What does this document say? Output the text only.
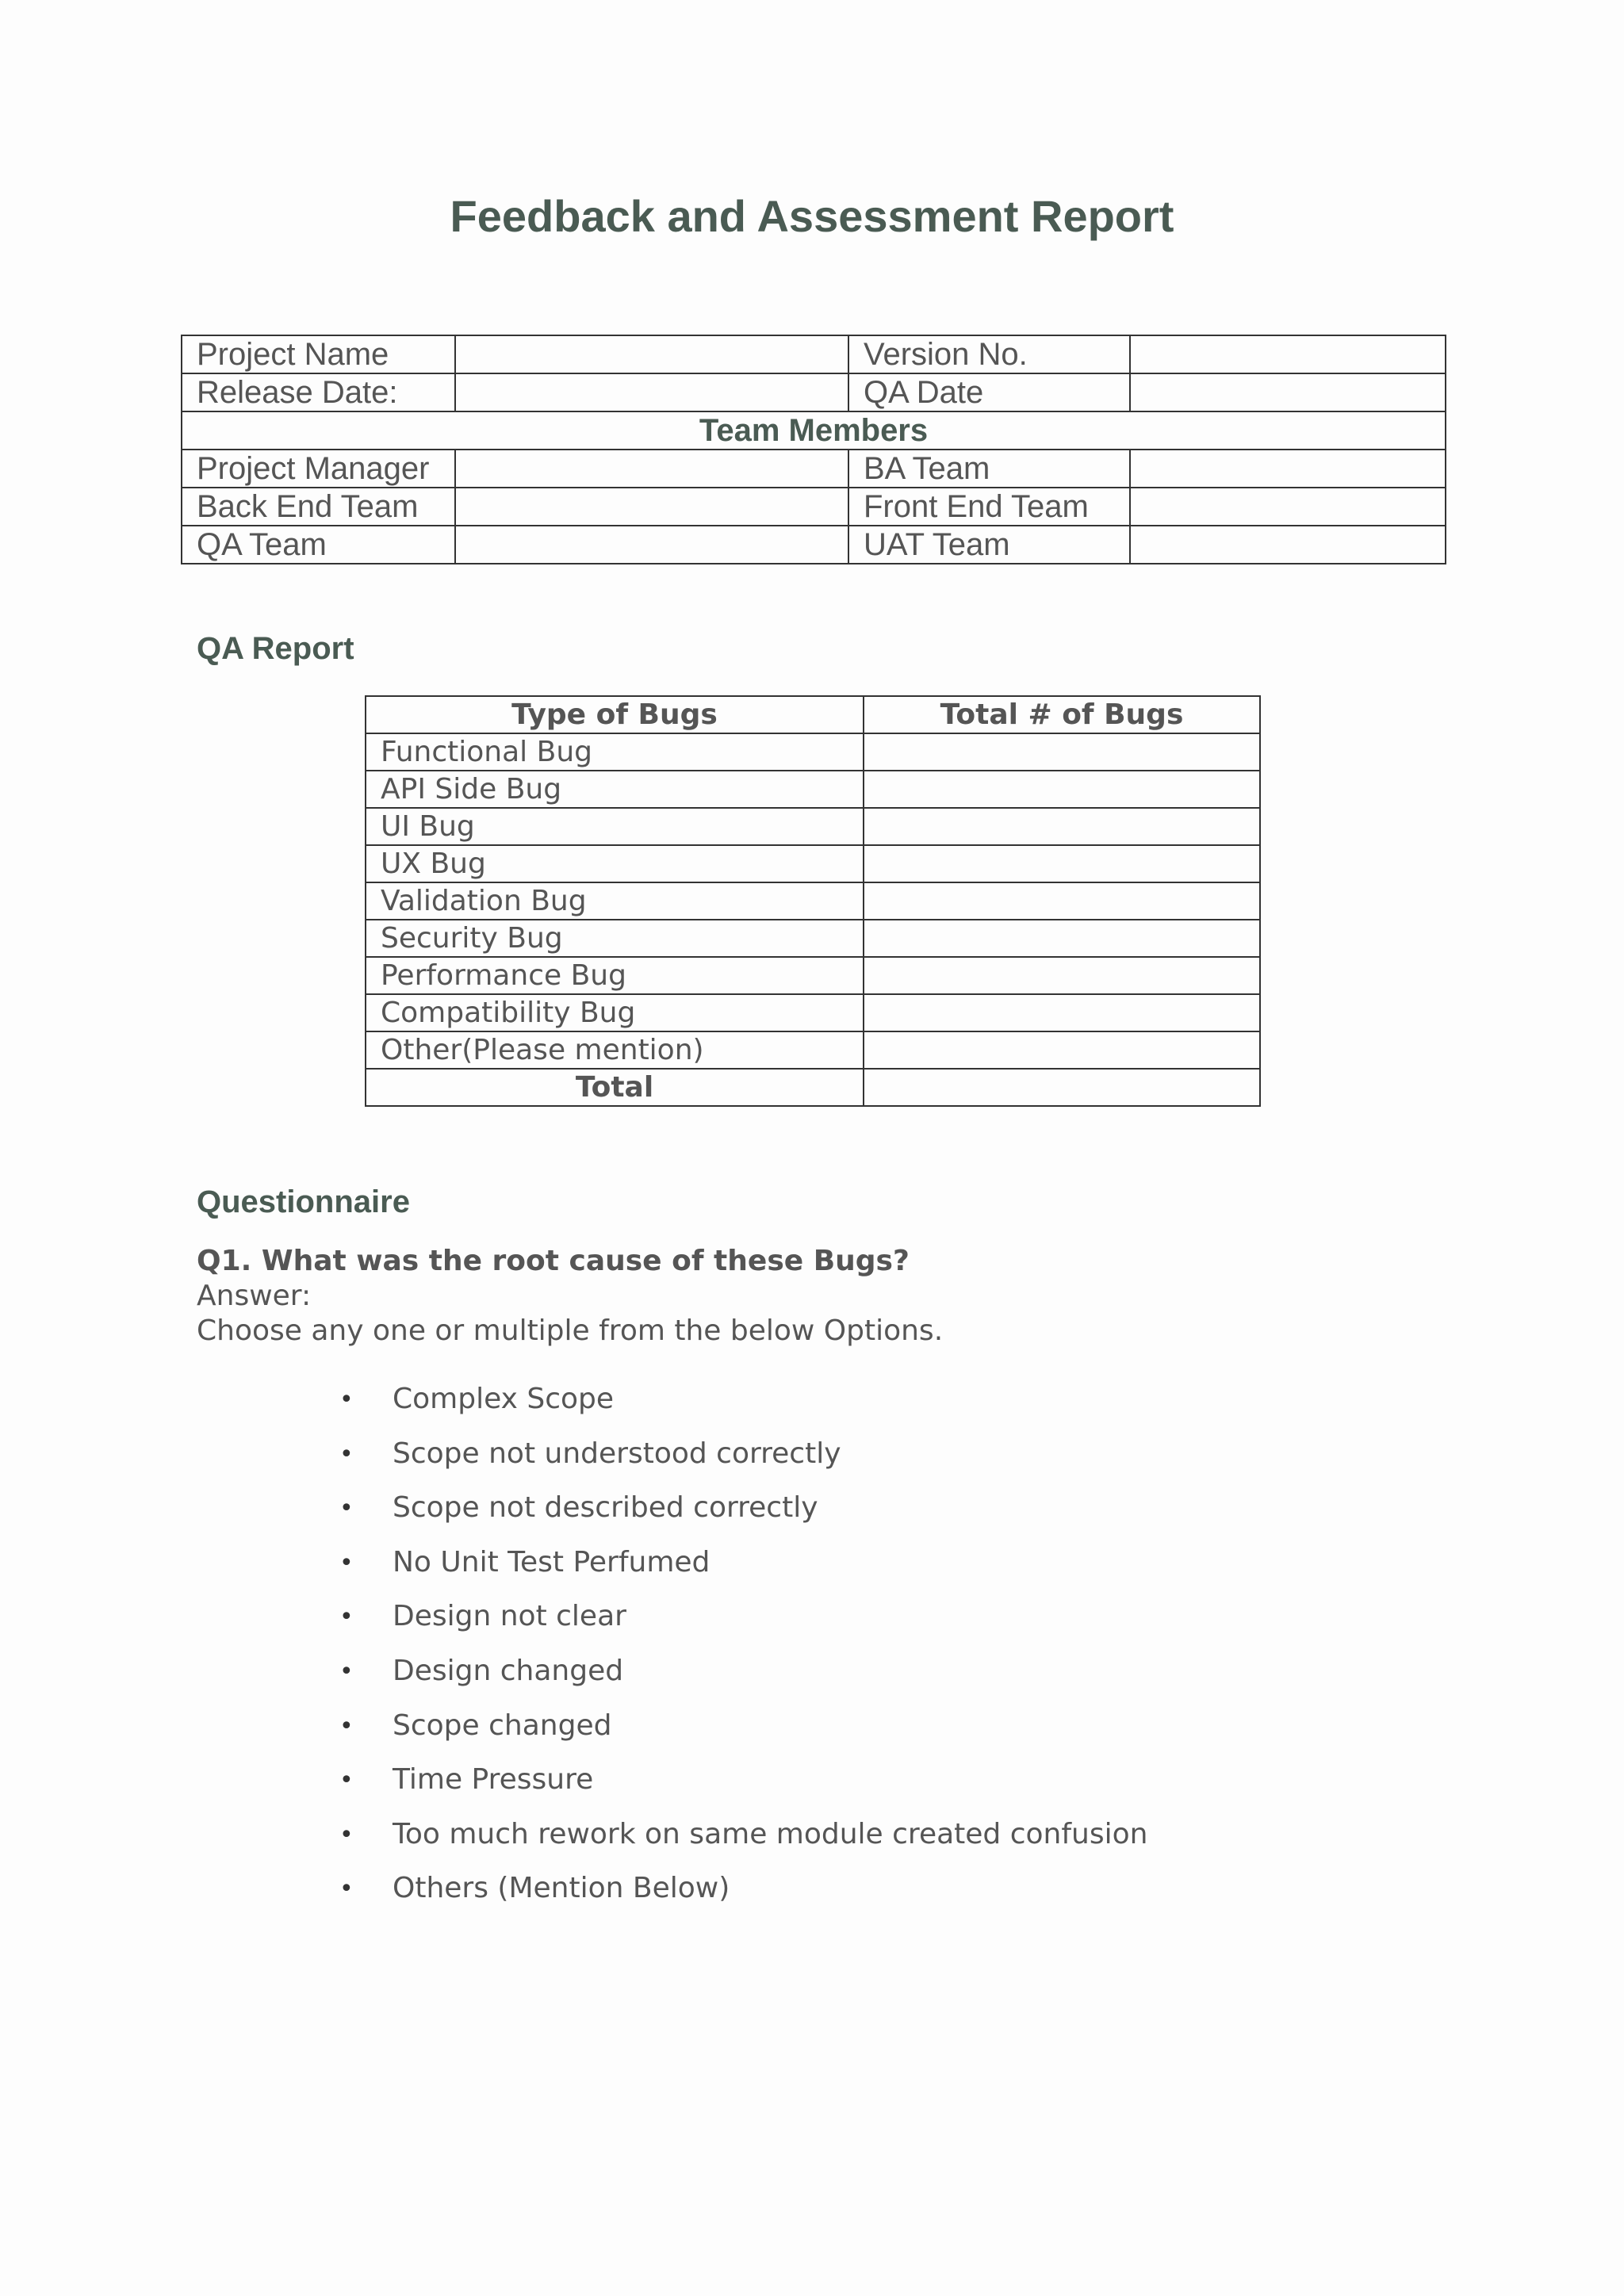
Feedback and Assessment Report
Project Name		Version No.	
Release Date:		QA Date	
Team Members			
Project Manager		BA Team	
Back End Team		Front End Team	
QA Team		UAT Team	
QA Report
Type of Bugs	Total # of Bugs
Functional Bug	
API Side Bug	
UI Bug	
UX Bug	
Validation Bug	
Security Bug	
Performance Bug	
Compatibility Bug	
Other(Please mention)	
Total	
Questionnaire
Q1. What was the root cause of these Bugs?
Answer:
Choose any one or multiple from the below Options.
• Complex Scope
• Scope not understood correctly
• Scope not described correctly
• No Unit Test Perfumed
• Design not clear
• Design changed
• Scope changed
• Time Pressure
• Too much rework on same module created confusion
• Others (Mention Below)
